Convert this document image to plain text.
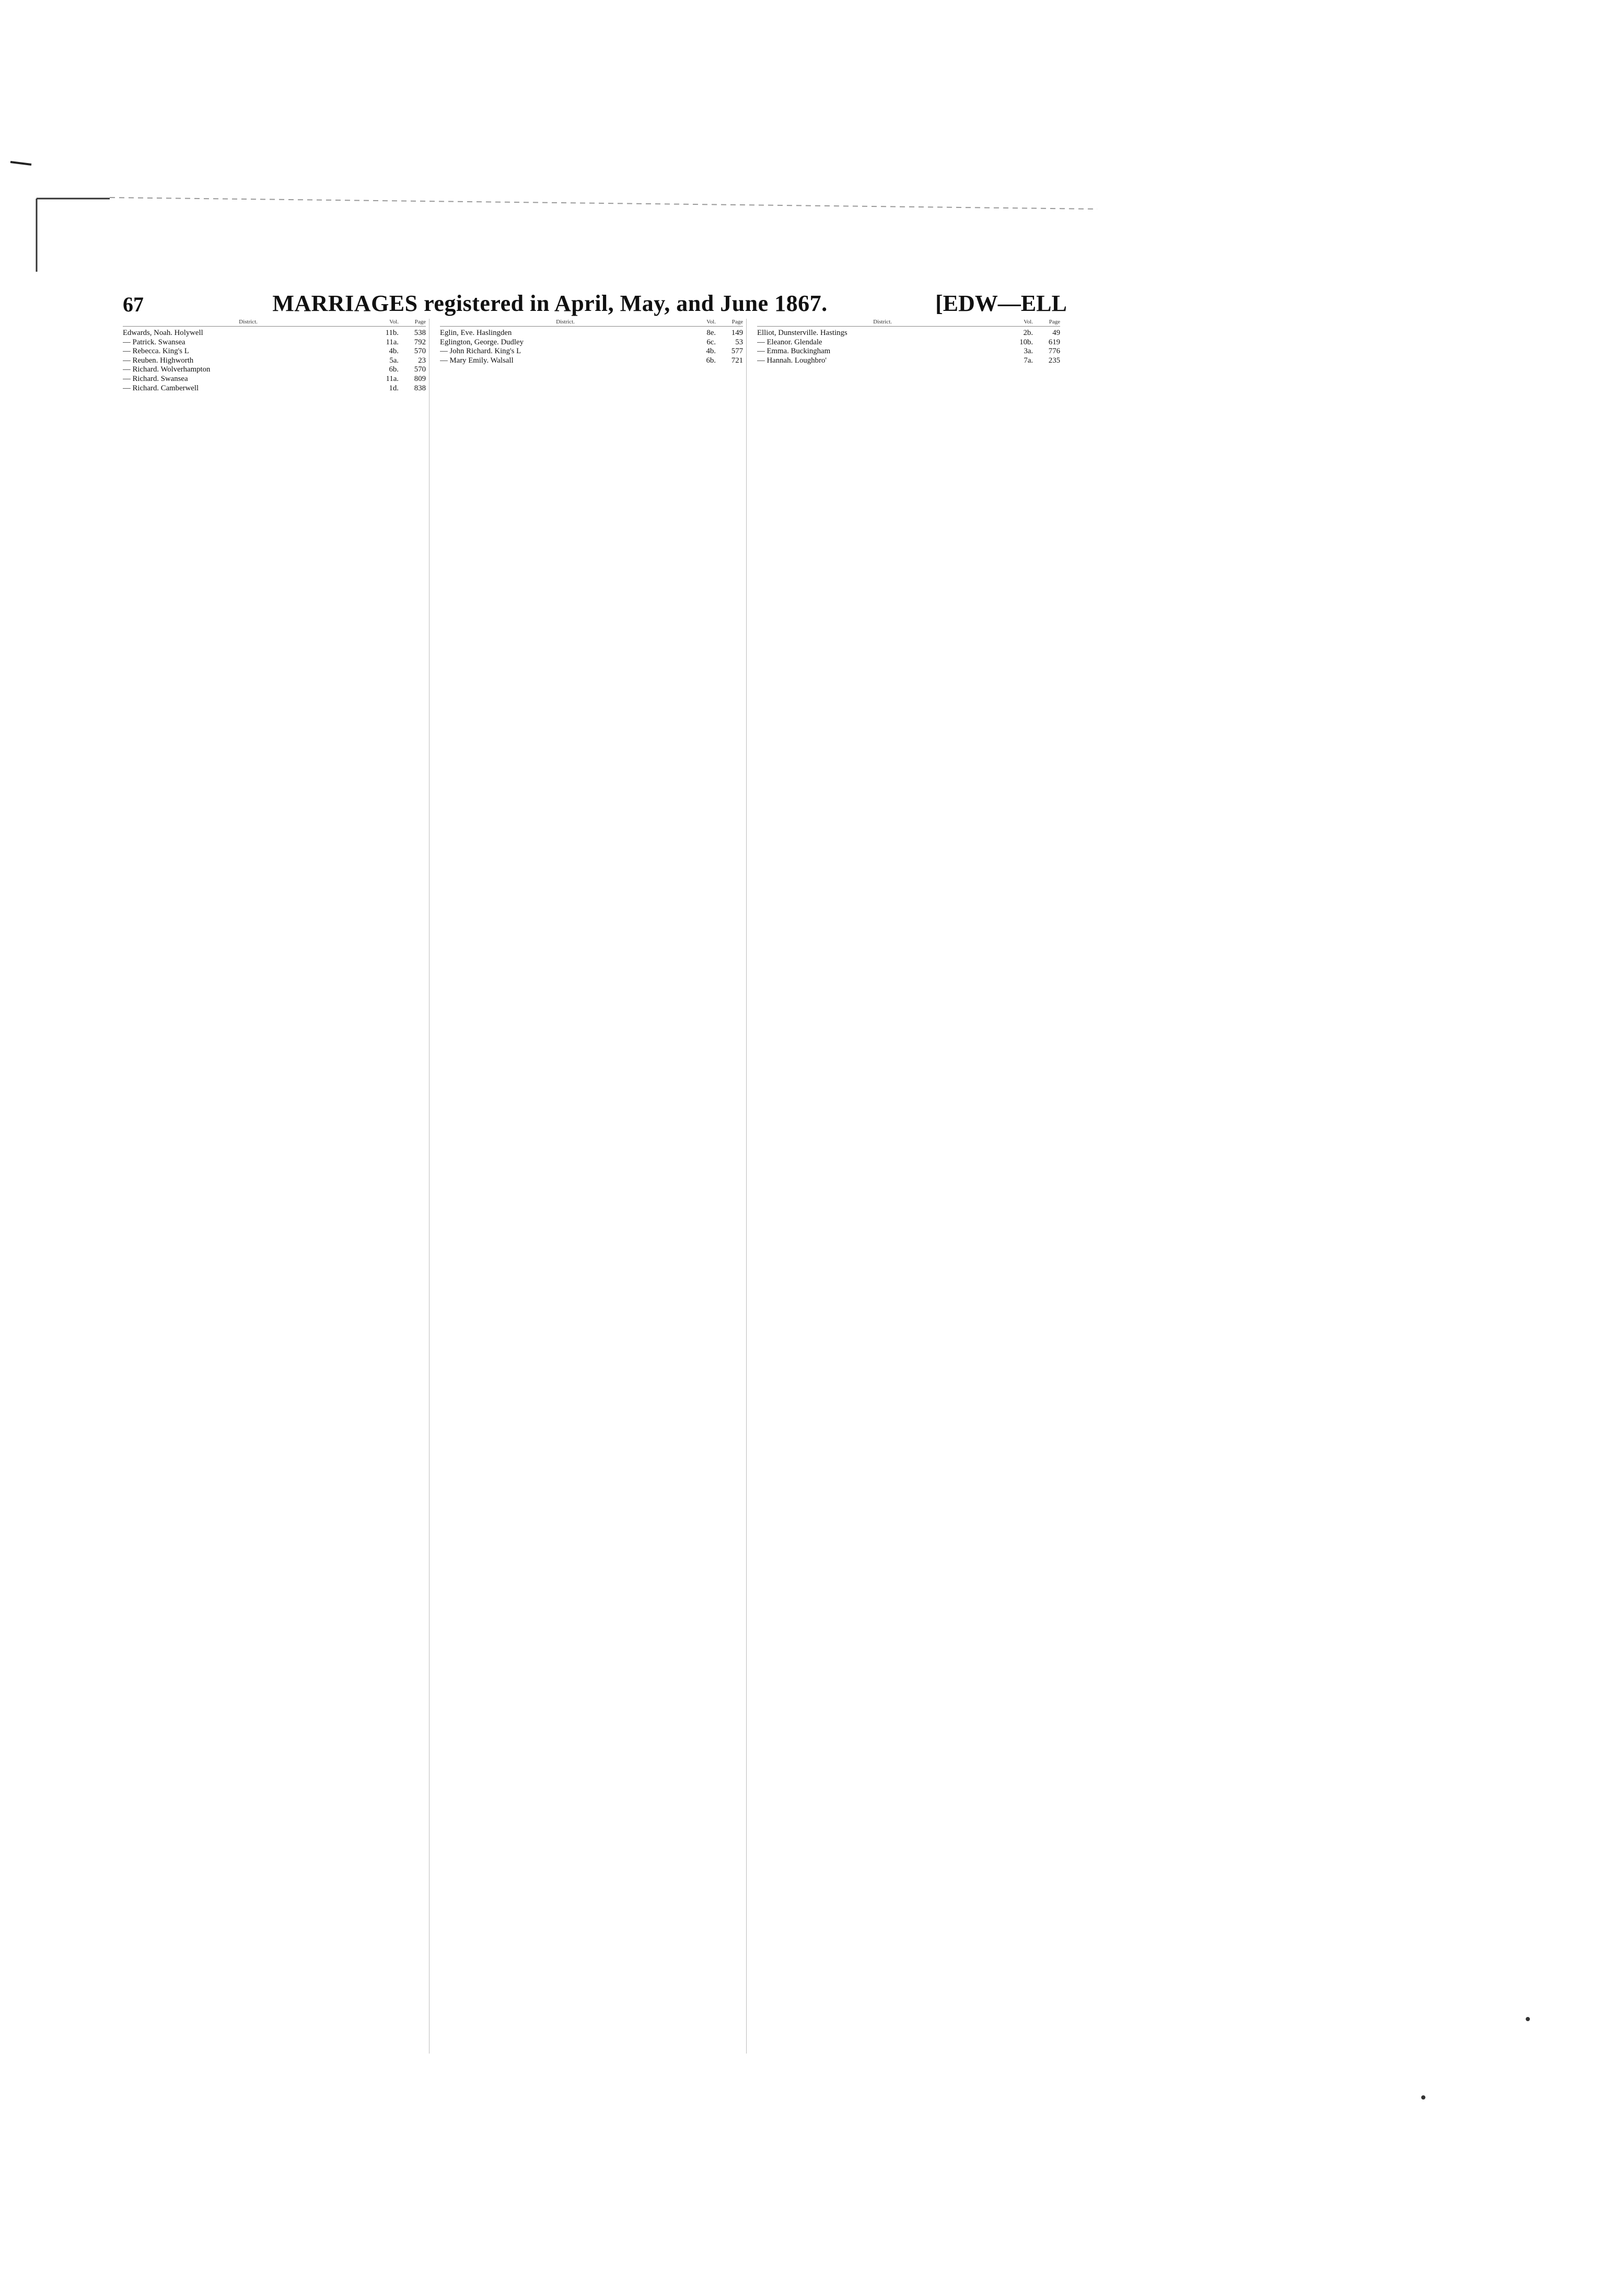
67	MARRIAGES registered in April, May, and June 1867.	[EDW—ELL
District.	Vol.	Page
Edwards, Noah. Holywell	11b.	538
— Patrick. Swansea	11a.	792
— Rebecca. King's L	4b.	570
— Reuben. Highworth	5a.	23
— Richard. Wolverhampton	6b.	570
— Richard. Swansea	11a.	809
— Richard. Camberwell	1d.	838
District.	Vol.	Page
Eglin, Eve. Haslingden	8e.	149
Eglington, George. Dudley	6c.	53
— John Richard. King's L	4b.	577
— Mary Emily. Walsall	6b.	721
District.	Vol.	Page
Elliot, Dunsterville. Hastings	2b.	49
— Eleanor. Glendale	10b.	619
— Emma. Buckingham	3a.	776
— Hannah. Loughbro'	7a.	235
